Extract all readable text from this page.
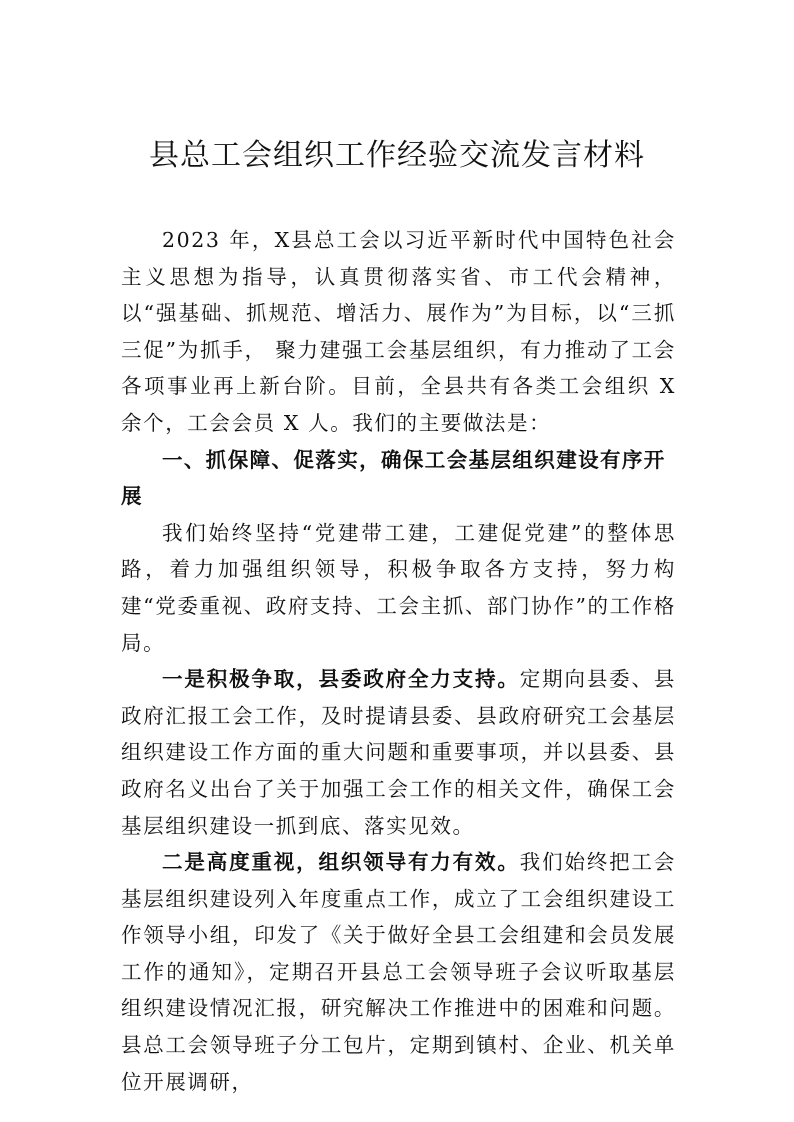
县总工会组织工作经验交流发言材料

2023 年，X县总工会以习近平新时代中国特色社会主义思想为指导，认真贯彻落实省、市工代会精神，以“强基础、抓规范、增活力、展作为”为目标，以“三抓三促”为抓手， 聚力建强工会基层组织，有力推动了工会各项事业再上新台阶。目前，全县共有各类工会组织 X 余个，工会会员 X 人。我们的主要做法是：

一、抓保障、促落实，确保工会基层组织建设有序开展

我们始终坚持“党建带工建，工建促党建”的整体思路，着力加强组织领导，积极争取各方支持，努力构建“党委重视、政府支持、工会主抓、部门协作”的工作格局。

一是积极争取，县委政府全力支持。定期向县委、县政府汇报工会工作，及时提请县委、县政府研究工会基层组织建设工作方面的重大问题和重要事项，并以县委、县政府名义出台了关于加强工会工作的相关文件，确保工会基层组织建设一抓到底、落实见效。

二是高度重视，组织领导有力有效。我们始终把工会基层组织建设列入年度重点工作，成立了工会组织建设工作领导小组，印发了《关于做好全县工会组建和会员发展工作的通知》，定期召开县总工会领导班子会议听取基层组织建设情况汇报，研究解决工作推进中的困难和问题。县总工会领导班子分工包片，定期到镇村、企业、机关单位开展调研，
